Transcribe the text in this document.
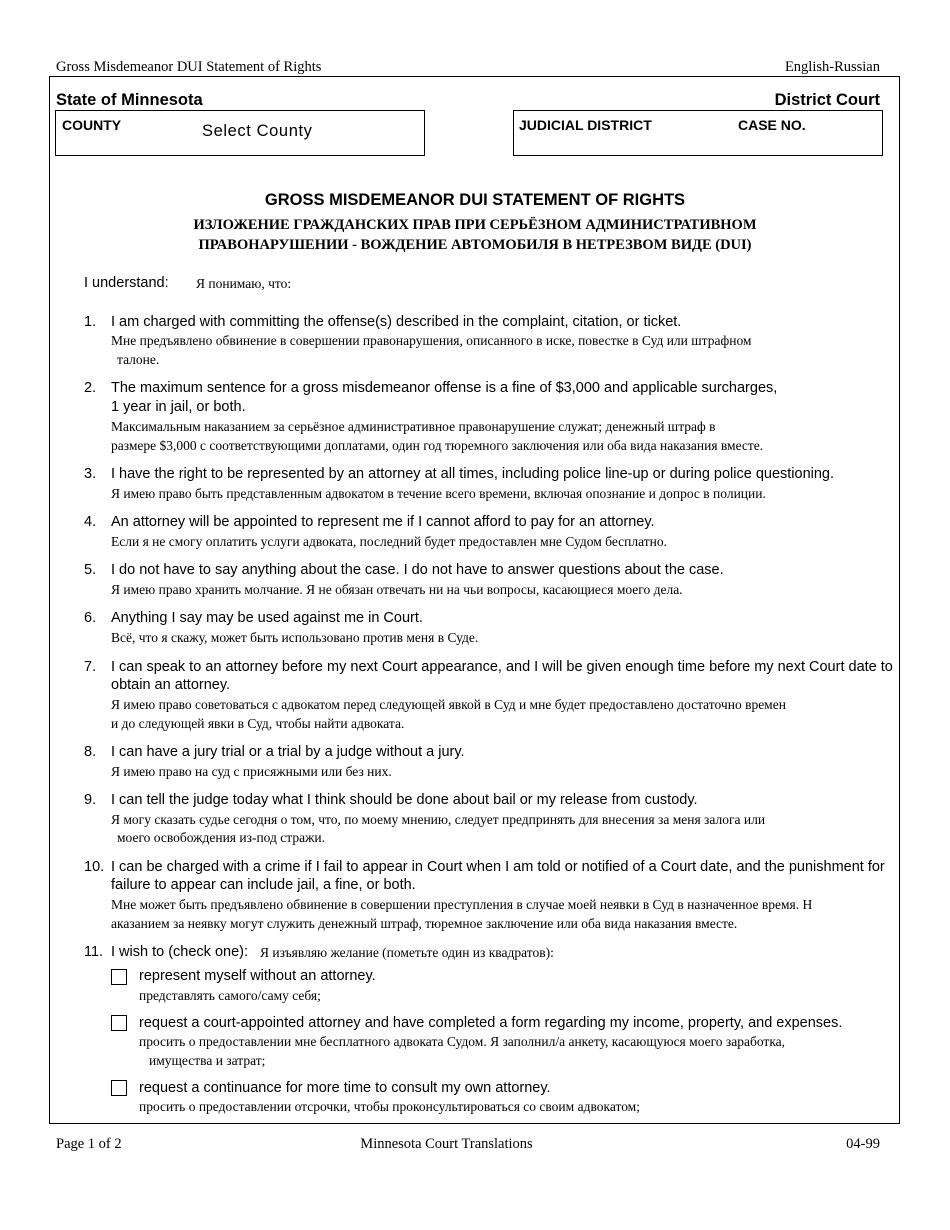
Gross Misdemeanor DUI Statement of Rights	English-Russian
State of Minnesota	District Court
COUNTY	Select County	JUDICIAL DISTRICT	CASE NO.
GROSS MISDEMEANOR DUI STATEMENT OF RIGHTS
ИЗЛОЖЕНИЕ ГРАЖДАНСКИХ ПРАВ ПРИ СЕРЬЁЗНОМ АДМИНИСТРАТИВНОМ
ПРАВОНАРУШЕНИИ - ВОЖДЕНИЕ АВТОМОБИЛЯ В НЕТРЕЗВОМ ВИДЕ (DUI)
I understand: Я понимаю, что:
1. I am charged with committing the offense(s) described in the complaint, citation, or ticket.
Мне предъявлено обвинение в совершении правонарушения, описанного в иске, повестке в Суд или штрафном
талоне.
2. The maximum sentence for a gross misdemeanor offense is a fine of $3,000 and applicable surcharges,
1 year in jail, or both.
Максимальным наказанием за серьёзное административное правонарушение служат; денежный штраф в
размере $3,000 с соответствующими доплатами, один год тюремного заключения или оба вида наказания вместе.
3. I have the right to be represented by an attorney at all times, including police line-up or during police questioning.
Я имею право быть представленным адвокатом в течение всего времени, включая опознание и допрос в полиции.
4. An attorney will be appointed to represent me if I cannot afford to pay for an attorney.
Если я не смогу оплатить услуги адвоката, последний будет предоставлен мне Судом бесплатно.
5. I do not have to say anything about the case. I do not have to answer questions about the case.
Я имею право хранить молчание. Я не обязан отвечать ни на чьи вопросы, касающиеся моего дела.
6. Anything I say may be used against me in Court.
Всё, что я скажу, может быть использовано против меня в Суде.
7. I can speak to an attorney before my next Court appearance, and I will be given enough time before my next Court date to
obtain an attorney.
Я имею право советоваться с адвокатом перед следующей явкой в Суд и мне будет предоставлено достаточно времен
и до следующей явки в Суд, чтобы найти адвоката.
8. I can have a jury trial or a trial by a judge without a jury.
Я имею право на суд с присяжными или без них.
9. I can tell the judge today what I think should be done about bail or my release from custody.
Я могу сказать судье сегодня о том, что, по моему мнению, следует предпринять для внесения за меня залога или
моего освобождения из-под стражи.
10. I can be charged with a crime if I fail to appear in Court when I am told or notified of a Court date, and the punishment for
failure to appear can include jail, a fine, or both.
Мне может быть предъявлено обвинение в совершении преступления в случае моей неявки в Суд в назначенное время. Н
аказанием за неявку могут служить денежный штраф, тюремное заключение или оба вида наказания вместе.
11. I wish to (check one): Я изъявляю желание (пометьте один из квадратов):
represent myself without an attorney.
представлять самого/саму себя;
request a court-appointed attorney and have completed a form regarding my income, property, and expenses.
просить о предоставлении мне бесплатного адвоката Судом. Я заполнил/а анкету, касающуюся моего заработка,
имущества и затрат;
request a continuance for more time to consult my own attorney.
просить о предоставлении отсрочки, чтобы проконсультироваться со своим адвокатом;
Page 1 of 2	Minnesota Court Translations	04-99
